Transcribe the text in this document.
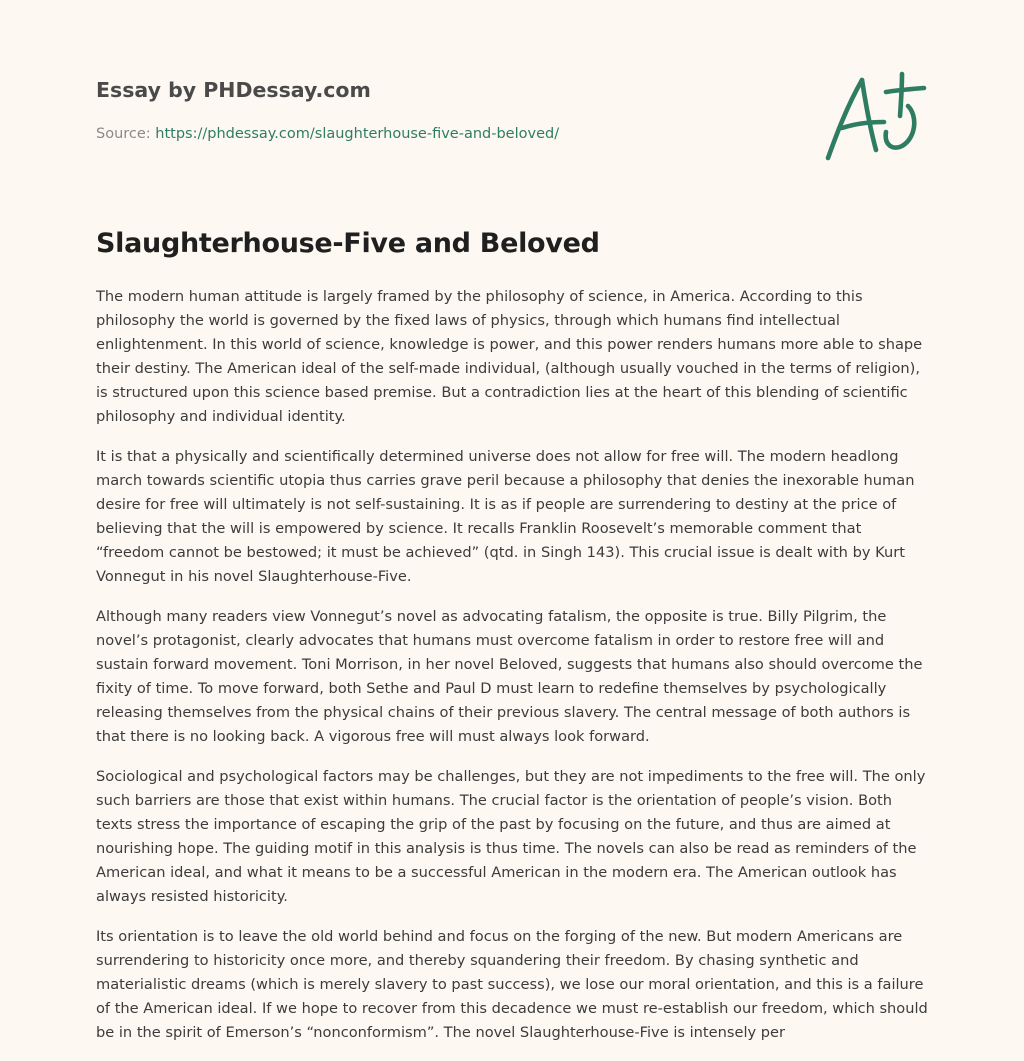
Essay by PHDessay.com
Source: https://phdessay.com/slaughterhouse-five-and-beloved/
Slaughterhouse-Five and Beloved

The modern human attitude is largely framed by the philosophy of science, in America. According to this philosophy the world is governed by the fixed laws of physics, through which humans find intellectual enlightenment. In this world of science, knowledge is power, and this power renders humans more able to shape their destiny. The American ideal of the self-made individual, (although usually vouched in the terms of religion), is structured upon this science based premise. But a contradiction lies at the heart of this blending of scientific philosophy and individual identity.

It is that a physically and scientifically determined universe does not allow for free will. The modern headlong march towards scientific utopia thus carries grave peril because a philosophy that denies the inexorable human desire for free will ultimately is not self-sustaining. It is as if people are surrendering to destiny at the price of believing that the will is empowered by science. It recalls Franklin Roosevelt’s memorable comment that “freedom cannot be bestowed; it must be achieved” (qtd. in Singh 143). This crucial issue is dealt with by Kurt Vonnegut in his novel Slaughterhouse-Five.

Although many readers view Vonnegut’s novel as advocating fatalism, the opposite is true. Billy Pilgrim, the novel’s protagonist, clearly advocates that humans must overcome fatalism in order to restore free will and sustain forward movement. Toni Morrison, in her novel Beloved, suggests that humans also should overcome the fixity of time. To move forward, both Sethe and Paul D must learn to redefine themselves by psychologically releasing themselves from the physical chains of their previous slavery. The central message of both authors is that there is no looking back. A vigorous free will must always look forward.

Sociological and psychological factors may be challenges, but they are not impediments to the free will. The only such barriers are those that exist within humans. The crucial factor is the orientation of people’s vision. Both texts stress the importance of escaping the grip of the past by focusing on the future, and thus are aimed at nourishing hope. The guiding motif in this analysis is thus time. The novels can also be read as reminders of the American ideal, and what it means to be a successful American in the modern era. The American outlook has always resisted historicity.

Its orientation is to leave the old world behind and focus on the forging of the new. But modern Americans are surrendering to historicity once more, and thereby squandering their freedom. By chasing synthetic and materialistic dreams (which is merely slavery to past success), we lose our moral orientation, and this is a failure of the American ideal. If we hope to recover from this decadence we must re-establish our freedom, which should be in the spirit of Emerson’s “nonconformism”. The novel Slaughterhouse-Five is intensely per
